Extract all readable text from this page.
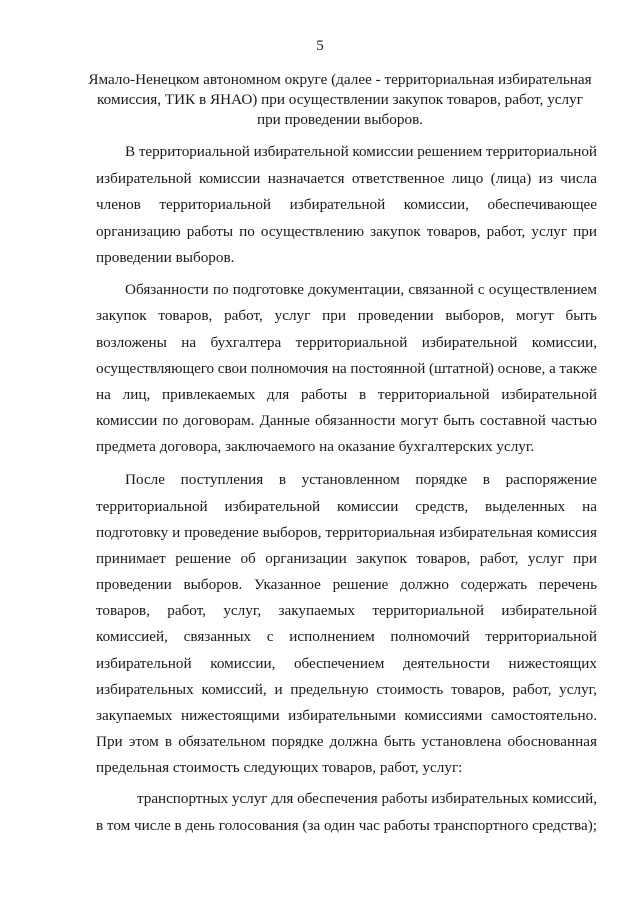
5
Ямало-Ненецком автономном округе (далее - территориальная избирательная
комиссия, ТИК в ЯНАО) при осуществлении закупок товаров, работ, услуг
при проведении выборов.
В территориальной избирательной комиссии решением территориальной
избирательной комиссии назначается ответственное лицо (лица) из числа
членов территориальной избирательной комиссии, обеспечивающее
организацию работы по осуществлению закупок товаров, работ, услуг при
проведении выборов.
Обязанности по подготовке документации, связанной с осуществлением
закупок товаров, работ, услуг при проведении выборов, могут быть
возложены на бухгалтера территориальной избирательной комиссии,
осуществляющего свои полномочия на постоянной (штатной) основе, а также
на лиц, привлекаемых для работы в территориальной избирательной
комиссии по договорам. Данные обязанности могут быть составной частью
предмета договора, заключаемого на оказание бухгалтерских услуг.
После поступления в установленном порядке в распоряжение
территориальной избирательной комиссии средств, выделенных на
подготовку и проведение выборов, территориальная избирательная комиссия
принимает решение об организации закупок товаров, работ, услуг при
проведении выборов. Указанное решение должно содержать перечень
товаров, работ, услуг, закупаемых территориальной избирательной
комиссией, связанных с исполнением полномочий территориальной
избирательной комиссии, обеспечением деятельности нижестоящих
избирательных комиссий, и предельную стоимость товаров, работ, услуг,
закупаемых нижестоящими избирательными комиссиями самостоятельно.
При этом в обязательном порядке должна быть установлена обоснованная
предельная стоимость следующих товаров, работ, услуг:
транспортных услуг для обеспечения работы избирательных комиссий,
в том числе в день голосования (за один час работы транспортного средства);
